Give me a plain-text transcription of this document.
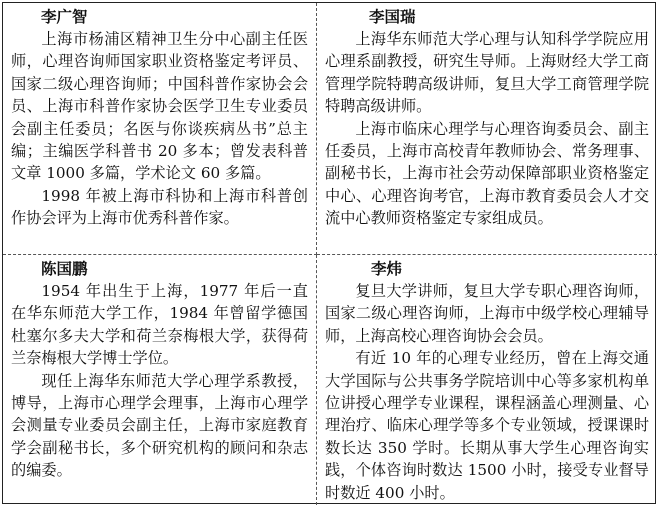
李广智

上海市杨浦区精神卫生分中心副主任医师，心理咨询师国家职业资格鉴定考评员、国家二级心理咨询师；中国科普作家协会会员、上海市科普作家协会医学卫生专业委员会副主任委员；名医与你谈疾病丛书”总主编；主编医学科普书 20 多本；曾发表科普文章 1000 多篇，学术论文 60 多篇。

1998 年被上海市科协和上海市科普创作协会评为上海市优秀科普作家。

李国瑞

上海华东师范大学心理与认知科学学院应用心理系副教授，研究生导师。上海财经大学工商管理学院特聘高级讲师，复旦大学工商管理学院特聘高级讲师。

上海市临床心理学与心理咨询委员会、副主任委员，上海市高校青年教师协会、常务理事、副秘书长，上海市社会劳动保障部职业资格鉴定中心、心理咨询考官，上海市教育委员会人才交流中心教师资格鉴定专家组成员。

陈国鹏

1954 年出生于上海，1977 年后一直在华东师范大学工作，1984 年曾留学德国杜塞尔多夫大学和荷兰奈梅根大学，获得荷兰奈梅根大学博士学位。

现任上海华东师范大学心理学系教授，博导，上海市心理学会理事，上海市心理学会测量专业委员会副主任，上海市家庭教育学会副秘书长，多个研究机构的顾问和杂志的编委。

李炜

复旦大学讲师，复旦大学专职心理咨询师，国家二级心理咨询师，上海市中级学校心理辅导师，上海高校心理咨询协会会员。

有近 10 年的心理专业经历，曾在上海交通大学国际与公共事务学院培训中心等多家机构单位讲授心理学专业课程，课程涵盖心理测量、心理治疗、临床心理学等多个专业领域，授课课时数长达 350 学时。长期从事大学生心理咨询实践，个体咨询时数达 1500 小时，接受专业督导时数近 400 小时。
